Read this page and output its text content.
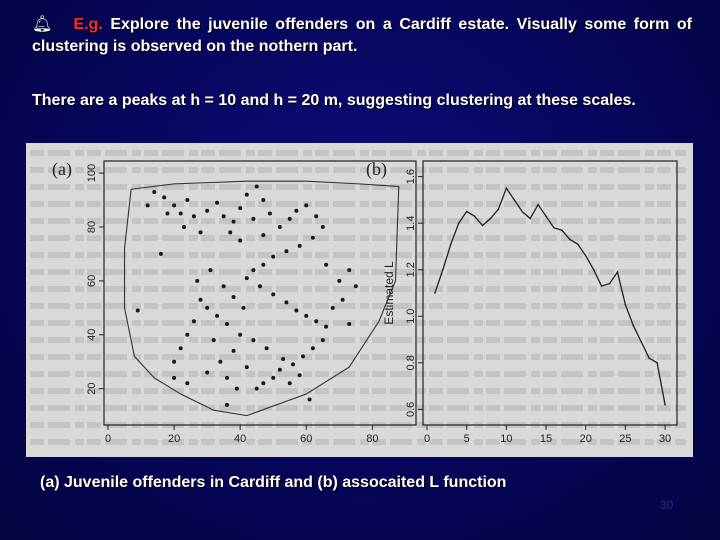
🔔︎ E.g. Explore the juvenile offenders on a Cardiff estate. Visually some form of clustering is observed on the nothern part.
There are a peaks at h = 10 and h = 20 m, suggesting clustering at these scales.
(a)
0	20	40	60	80
20
40
60
80
100	(b)
0	5	10 15 20 25 30
0.6
0.8
1.0
1.2
1.4
1.6
Estimated L
(a) Juvenile offenders in Cardiff and (b) assocaited L function
30
